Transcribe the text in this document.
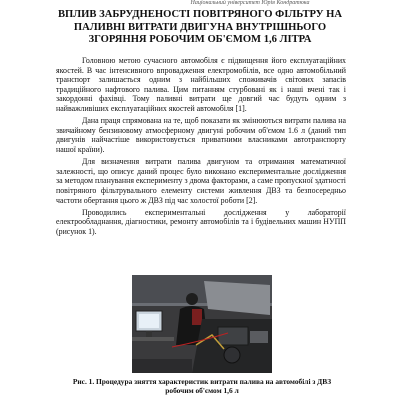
Національний університет Юрія Кондратюка
ВПЛИВ ЗАБРУДНЕНОСТІ ПОВІТРЯНОГО ФІЛЬТРУ НА
ПАЛИВНІ ВИТРАТИ ДВИГУНА ВНУТРІШНЬОГО
ЗГОРЯННЯ РОБОЧИМ ОБ'ЄМОМ 1,6 ЛІТРА

Головною метою сучасного автомобіля є підвищення його експлуатаційних якостей. В час інтенсивного впровадження електромобілів, все одно автомобільний транспорт залишається одним з найбільших споживачів світових запасів традиційного нафтового палива. Цим питанням стурбовані як і наші вчені так і закордонні фахівці. Тому паливні витрати ще довгий час будуть одним з найважливіших експлуатаційних якостей автомобіля [1].

Дана праця спрямована на те, щоб показати як змінюються витрати палива на звичайному бензиновому атмосферному двигуні робочим об'ємом 1.6 л (даний тип двигунів найчастіше використовується приватними власниками автотранспорту нашої країни).

Для визначення витрати палива двигуном та отримання математичної залежності, що описує даний процес було виконано експериментальне дослідження за методом планування експерименту з двома факторами, а саме пропускної здатності повітряного фільтрувального елементу системи живлення ДВЗ та безпосередньо частоти обертання цього ж ДВЗ під час холостої роботи [2].

Проводились експериментальні дослідження у лабораторії електрообладнання, діагностики, ремонту автомобілів та і будівельних машин НУПП (рисунок 1).

Рис. 1. Процедура зняття характеристик витрати палива на автомобілі з ДВЗ
робочим об'ємом 1,6 л
